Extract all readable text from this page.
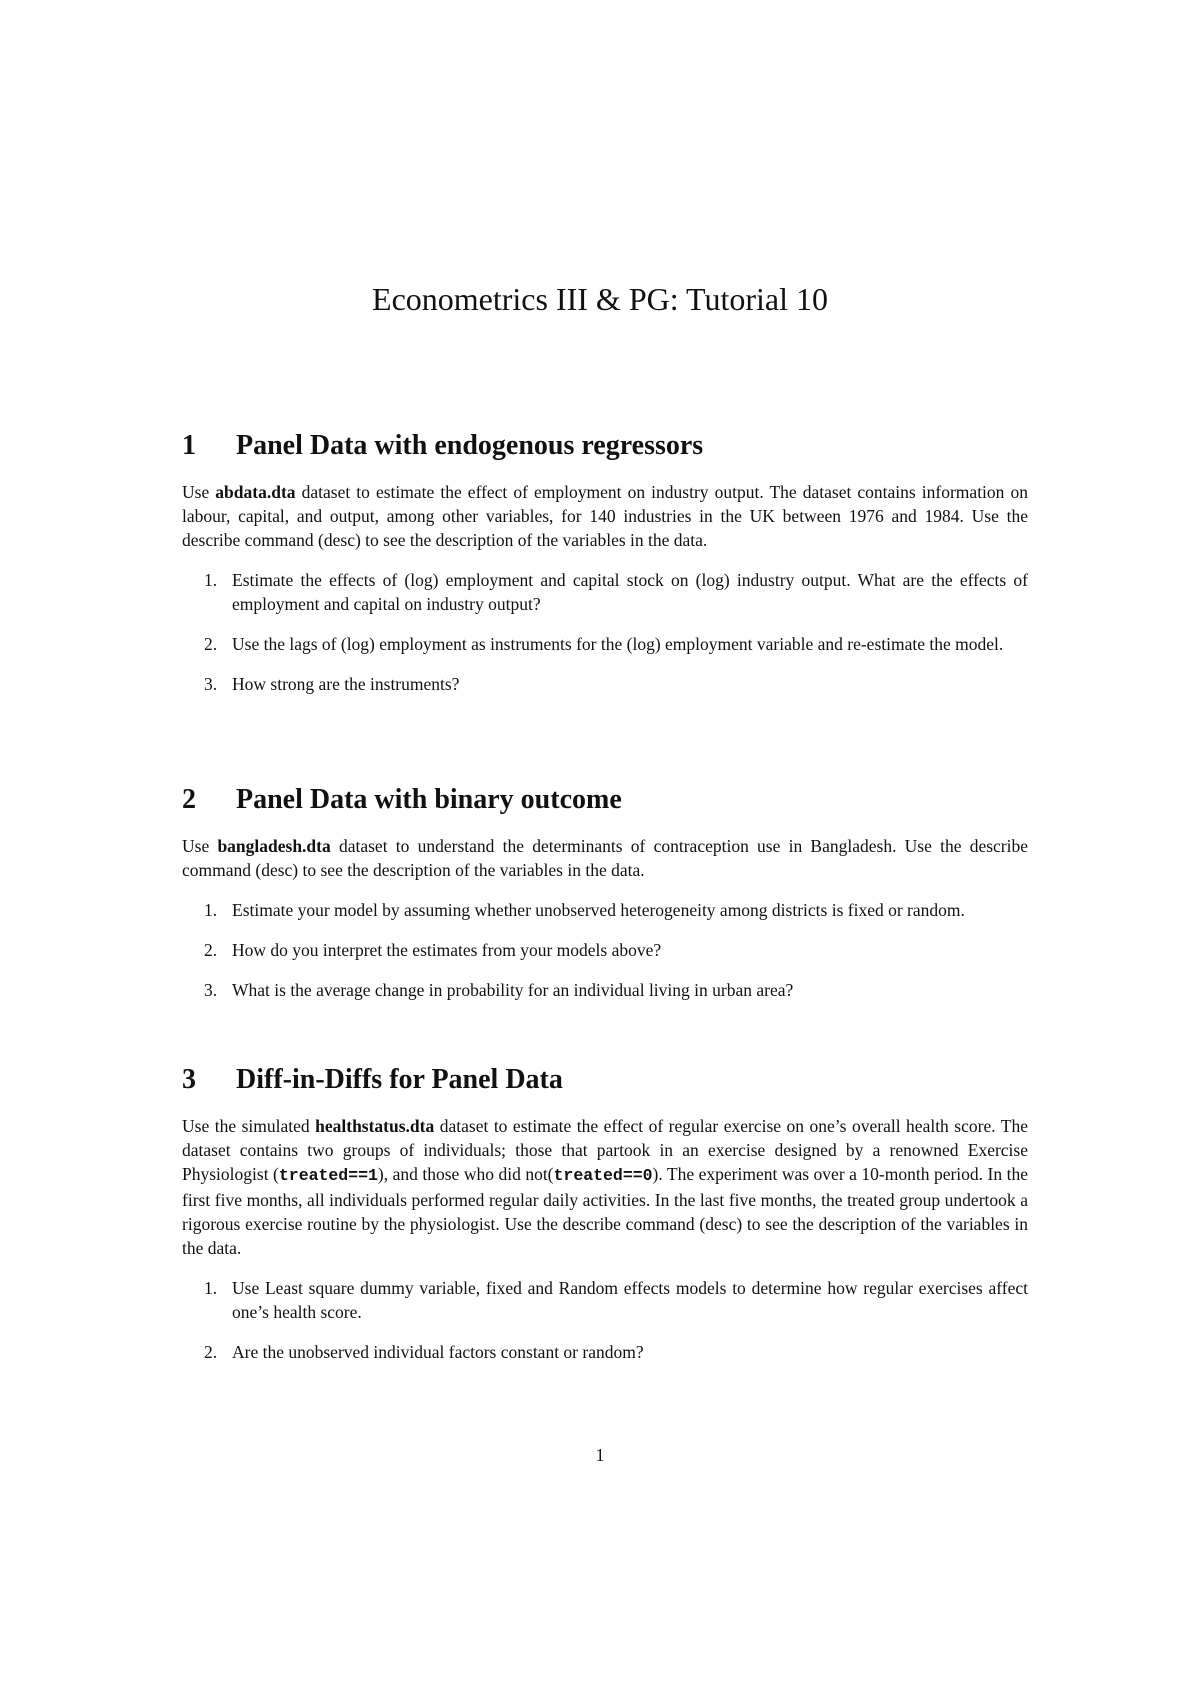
Econometrics III & PG: Tutorial 10
1	Panel Data with endogenous regressors

Use abdata.dta dataset to estimate the effect of employment on industry output. The dataset contains information on labour, capital, and output, among other variables, for 140 industries in the UK between 1976 and 1984. Use the describe command (desc) to see the description of the variables in the data.

1. Estimate the effects of (log) employment and capital stock on (log) industry output. What are the effects of employment and capital on industry output?
2. Use the lags of (log) employment as instruments for the (log) employment variable and re-estimate the model.
3. How strong are the instruments?
2	Panel Data with binary outcome

Use bangladesh.dta dataset to understand the determinants of contraception use in Bangladesh. Use the describe command (desc) to see the description of the variables in the data.

1. Estimate your model by assuming whether unobserved heterogeneity among districts is fixed or random.
2. How do you interpret the estimates from your models above?
3. What is the average change in probability for an individual living in urban area?
3	Diff-in-Diffs for Panel Data

Use the simulated healthstatus.dta dataset to estimate the effect of regular exercise on one’s overall health score. The dataset contains two groups of individuals; those that partook in an exercise designed by a renowned Exercise Physiologist (treated==1), and those who did not(treated==0). The experiment was over a 10-month period. In the first five months, all individuals performed regular daily activities. In the last five months, the treated group undertook a rigorous exercise routine by the physiologist. Use the describe command (desc) to see the description of the variables in the data.

1. Use Least square dummy variable, fixed and Random effects models to determine how regular exercises affect one’s health score.
2. Are the unobserved individual factors constant or random?
1
